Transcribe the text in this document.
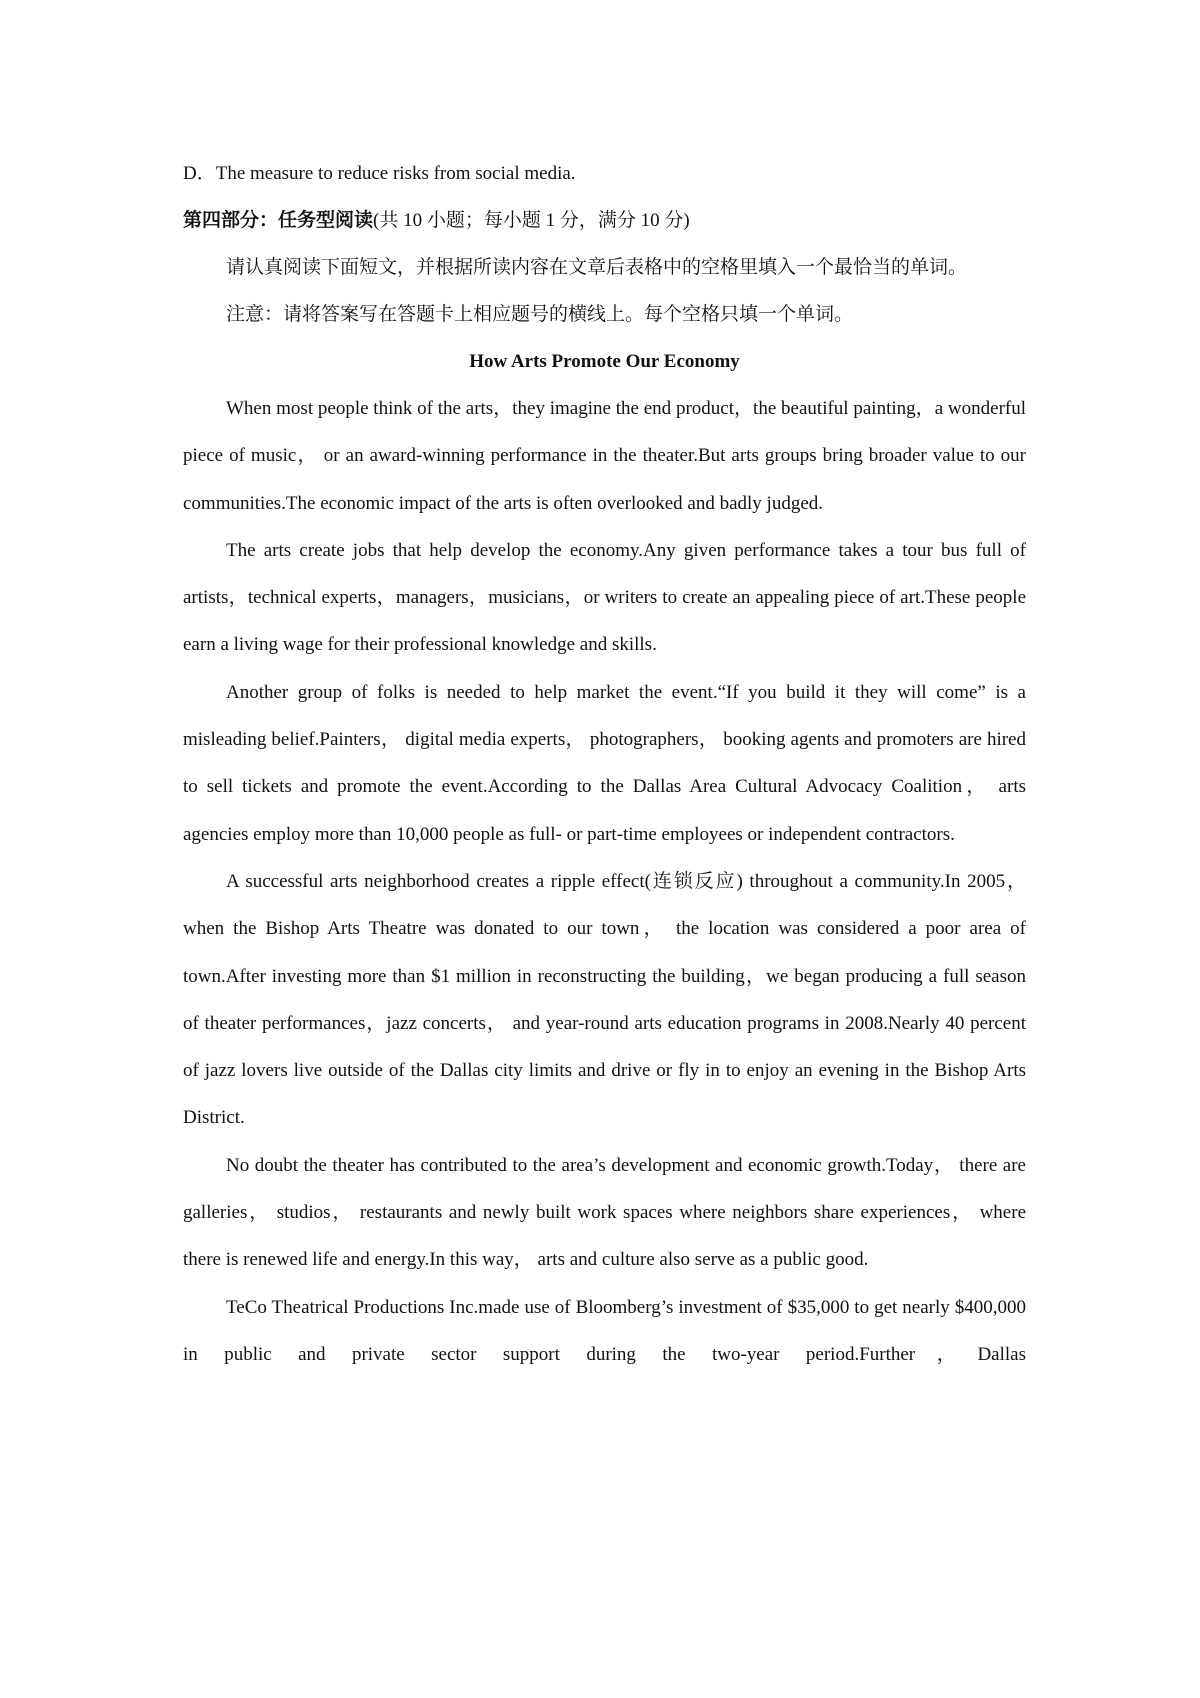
D．The measure to reduce risks from social media.

第四部分：任务型阅读(共 10 小题；每小题 1 分，满分 10 分)

请认真阅读下面短文，并根据所读内容在文章后表格中的空格里填入一个最恰当的单词。

注意：请将答案写在答题卡上相应题号的横线上。每个空格只填一个单词。

How Arts Promote Our Economy

When most people think of the arts，they imagine the end product，the beautiful painting，a wonderful piece of music， or an award-winning performance in the theater.But arts groups bring broader value to our communities.The economic impact of the arts is often overlooked and badly judged.

The arts create jobs that help develop the economy.Any given performance takes a tour bus full of artists，technical experts，managers，musicians，or writers to create an appealing piece of art.These people earn a living wage for their professional knowledge and skills.

Another group of folks is needed to help market the event.“If you build it they will come” is a misleading belief.Painters， digital media experts， photographers， booking agents and promoters are hired to sell tickets and promote the event.According to the Dallas Area Cultural Advocacy Coalition， arts agencies employ more than 10,000 people as full- or part-time employees or independent contractors.

A successful arts neighborhood creates a ripple effect(连锁反应) throughout a community.In 2005， when the Bishop Arts Theatre was donated to our town， the location was considered a poor area of town.After investing more than $1 million in reconstructing the building，we began producing a full season of theater performances，jazz concerts， and year-round arts education programs in 2008.Nearly 40 percent of jazz lovers live outside of the Dallas city limits and drive or fly in to enjoy an evening in the Bishop Arts District.

No doubt the theater has contributed to the area’s development and economic growth.Today， there are galleries， studios， restaurants and newly built work spaces where neighbors share experiences， where there is renewed life and energy.In this way， arts and culture also serve as a public good.

TeCo Theatrical Productions Inc.made use of Bloomberg’s investment of $35,000 to get nearly $400,000 in public and private sector support during the two-year period.Further，Dallas
